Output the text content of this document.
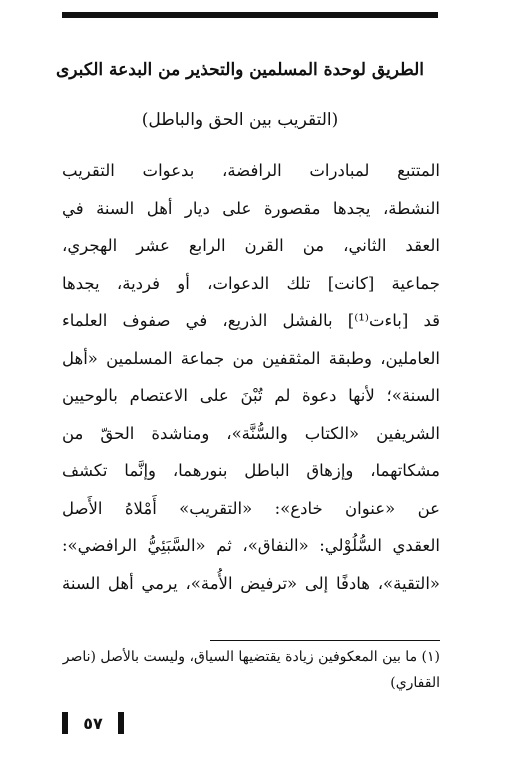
الطريق لوحدة المسلمين والتحذير من البدعة الكبرى
(التقريب بين الحق والباطل)
المتتبع لمبادرات الرافضة، بدعوات التقريب
النشطة، يجدها مقصورة على ديار أهل السنة في
العقد الثاني، من القرن الرابع عشر الهجري،
جماعية [كانت] تلك الدعوات، أو فردية، يجدها
قد [باءت⁽¹⁾] بالفشل الذريع، في صفوف العلماء
العاملين، وطبقة المثقفين من جماعة المسلمين «أهل
السنة»؛ لأنها دعوة لم تُبْنَ على الاعتصام بالوحيين
الشريفين «الكتاب والسُّنَّة»، ومناشدة الحقّ من
مشكاتهما، وإزهاق الباطل بنورهما، وإنَّما تكشف
عن «عنوان خادع»: «التقريب» أَمْلاهُ الأَصل
العقدي السُّلُوْلي: «النفاق»، ثم «السَّبَئِيُّ الرافضي»:
«التقية»، هادفًا إلى «ترفيض الأُمة»، يرمي أهل السنة
(١) ما بين المعكوفين زيادة يقتضيها السياق، وليست بالأصل (ناصر
القفاري)
٥٧
